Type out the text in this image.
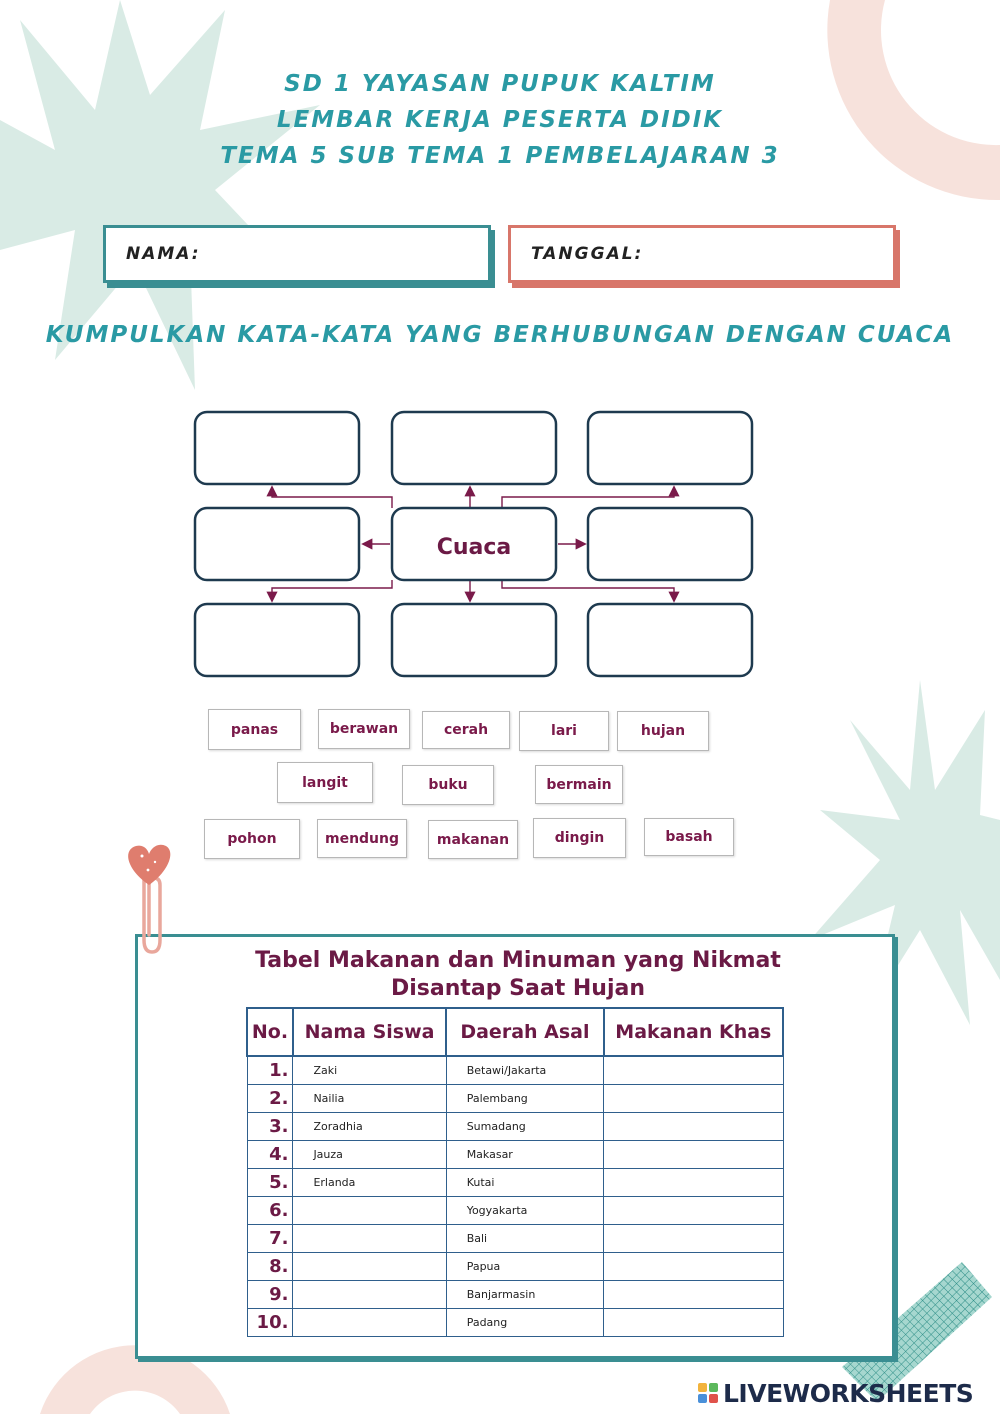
SD 1 YAYASAN PUPUK KALTIM
LEMBAR KERJA PESERTA DIDIK
TEMA 5 SUB TEMA 1 PEMBELAJARAN 3
NAMA:	TANGGAL:
KUMPULKAN KATA-KATA YANG BERHUBUNGAN DENGAN CUACA
Cuaca
panas	berawan	cerah	lari	hujan
langit	buku	bermain
pohon	mendung	makanan	dingin	basah
Tabel Makanan dan Minuman yang Nikmat
Disantap Saat Hujan
No.	Nama Siswa	Daerah Asal	Makanan Khas
1.	Zaki	Betawi/Jakarta	
2.	Nailia	Palembang	
3.	Zoradhia	Sumadang	
4.	Jauza	Makasar	
5.	Erlanda	Kutai	
6.		Yogyakarta	
7.		Bali	
8.		Papua	
9.		Banjarmasin	
10.		Padang	
LIVEWORKSHEETS
